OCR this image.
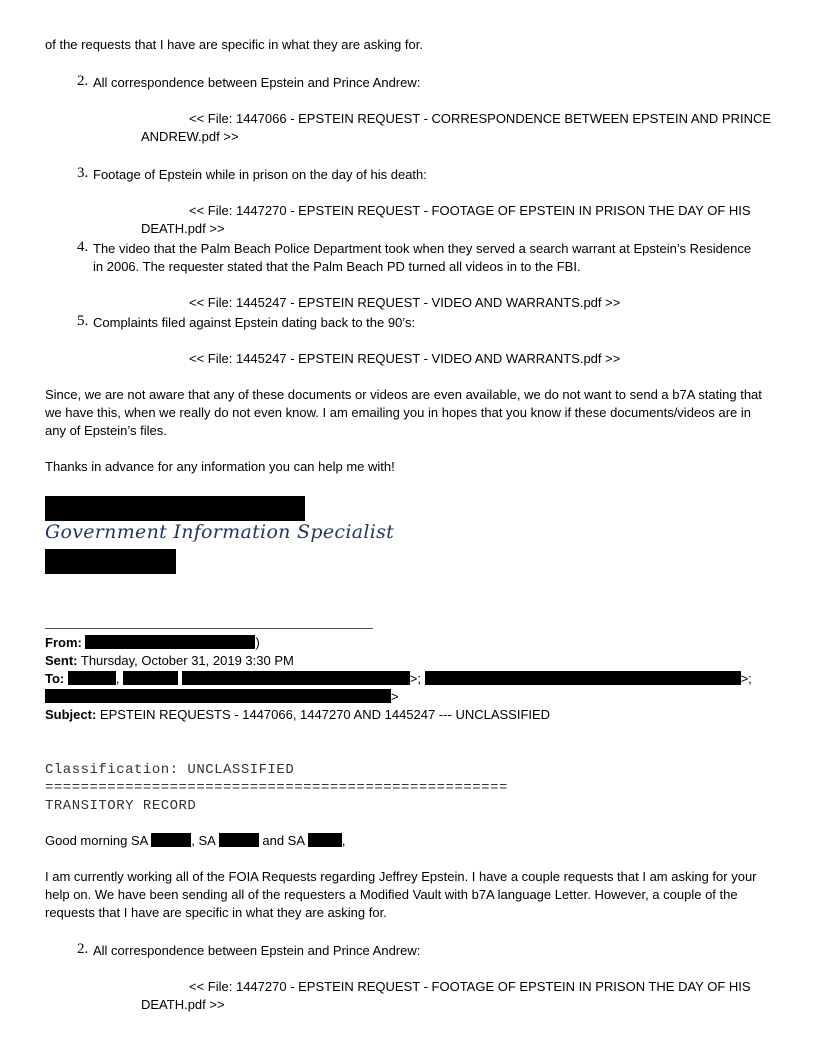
of the requests that I have are specific in what they are asking for.
2. All correspondence between Epstein and Prince Andrew:
<< File: 1447066 - EPSTEIN REQUEST - CORRESPONDENCE BETWEEN EPSTEIN AND PRINCE
ANDREW.pdf >>
3. Footage of Epstein while in prison on the day of his death:
<< File: 1447270 - EPSTEIN REQUEST - FOOTAGE OF EPSTEIN IN PRISON THE DAY OF HIS
DEATH.pdf >>
4. The video that the Palm Beach Police Department took when they served a search warrant at Epstein’s Residence
in 2006. The requester stated that the Palm Beach PD turned all videos in to the FBI.
<< File: 1445247 - EPSTEIN REQUEST - VIDEO AND WARRANTS.pdf >>
5. Complaints filed against Epstein dating back to the 90’s:
<< File: 1445247 - EPSTEIN REQUEST - VIDEO AND WARRANTS.pdf >>
Since, we are not aware that any of these documents or videos are even available, we do not want to send a b7A stating that we have this, when we really do not even know. I am emailing you in hopes that you know if these documents/videos are in any of Epstein’s files.
Thanks in advance for any information you can help me with!
Government Information Specialist
From:	)
Sent: Thursday, October 31, 2019 3:30 PM
To:	,	>;	>;
>
Subject: EPSTEIN REQUESTS - 1447066, 1447270 AND 1445247 --- UNCLASSIFIED
Classification: UNCLASSIFIED
====================================================
TRANSITORY RECORD
Good morning SA	, SA	and SA	,
I am currently working all of the FOIA Requests regarding Jeffrey Epstein. I have a couple requests that I am asking for your help on. We have been sending all of the requesters a Modified Vault with b7A language Letter. However, a couple of the requests that I have are specific in what they are asking for.
2. All correspondence between Epstein and Prince Andrew:
<< File: 1447270 - EPSTEIN REQUEST - FOOTAGE OF EPSTEIN IN PRISON THE DAY OF HIS
DEATH.pdf >>
